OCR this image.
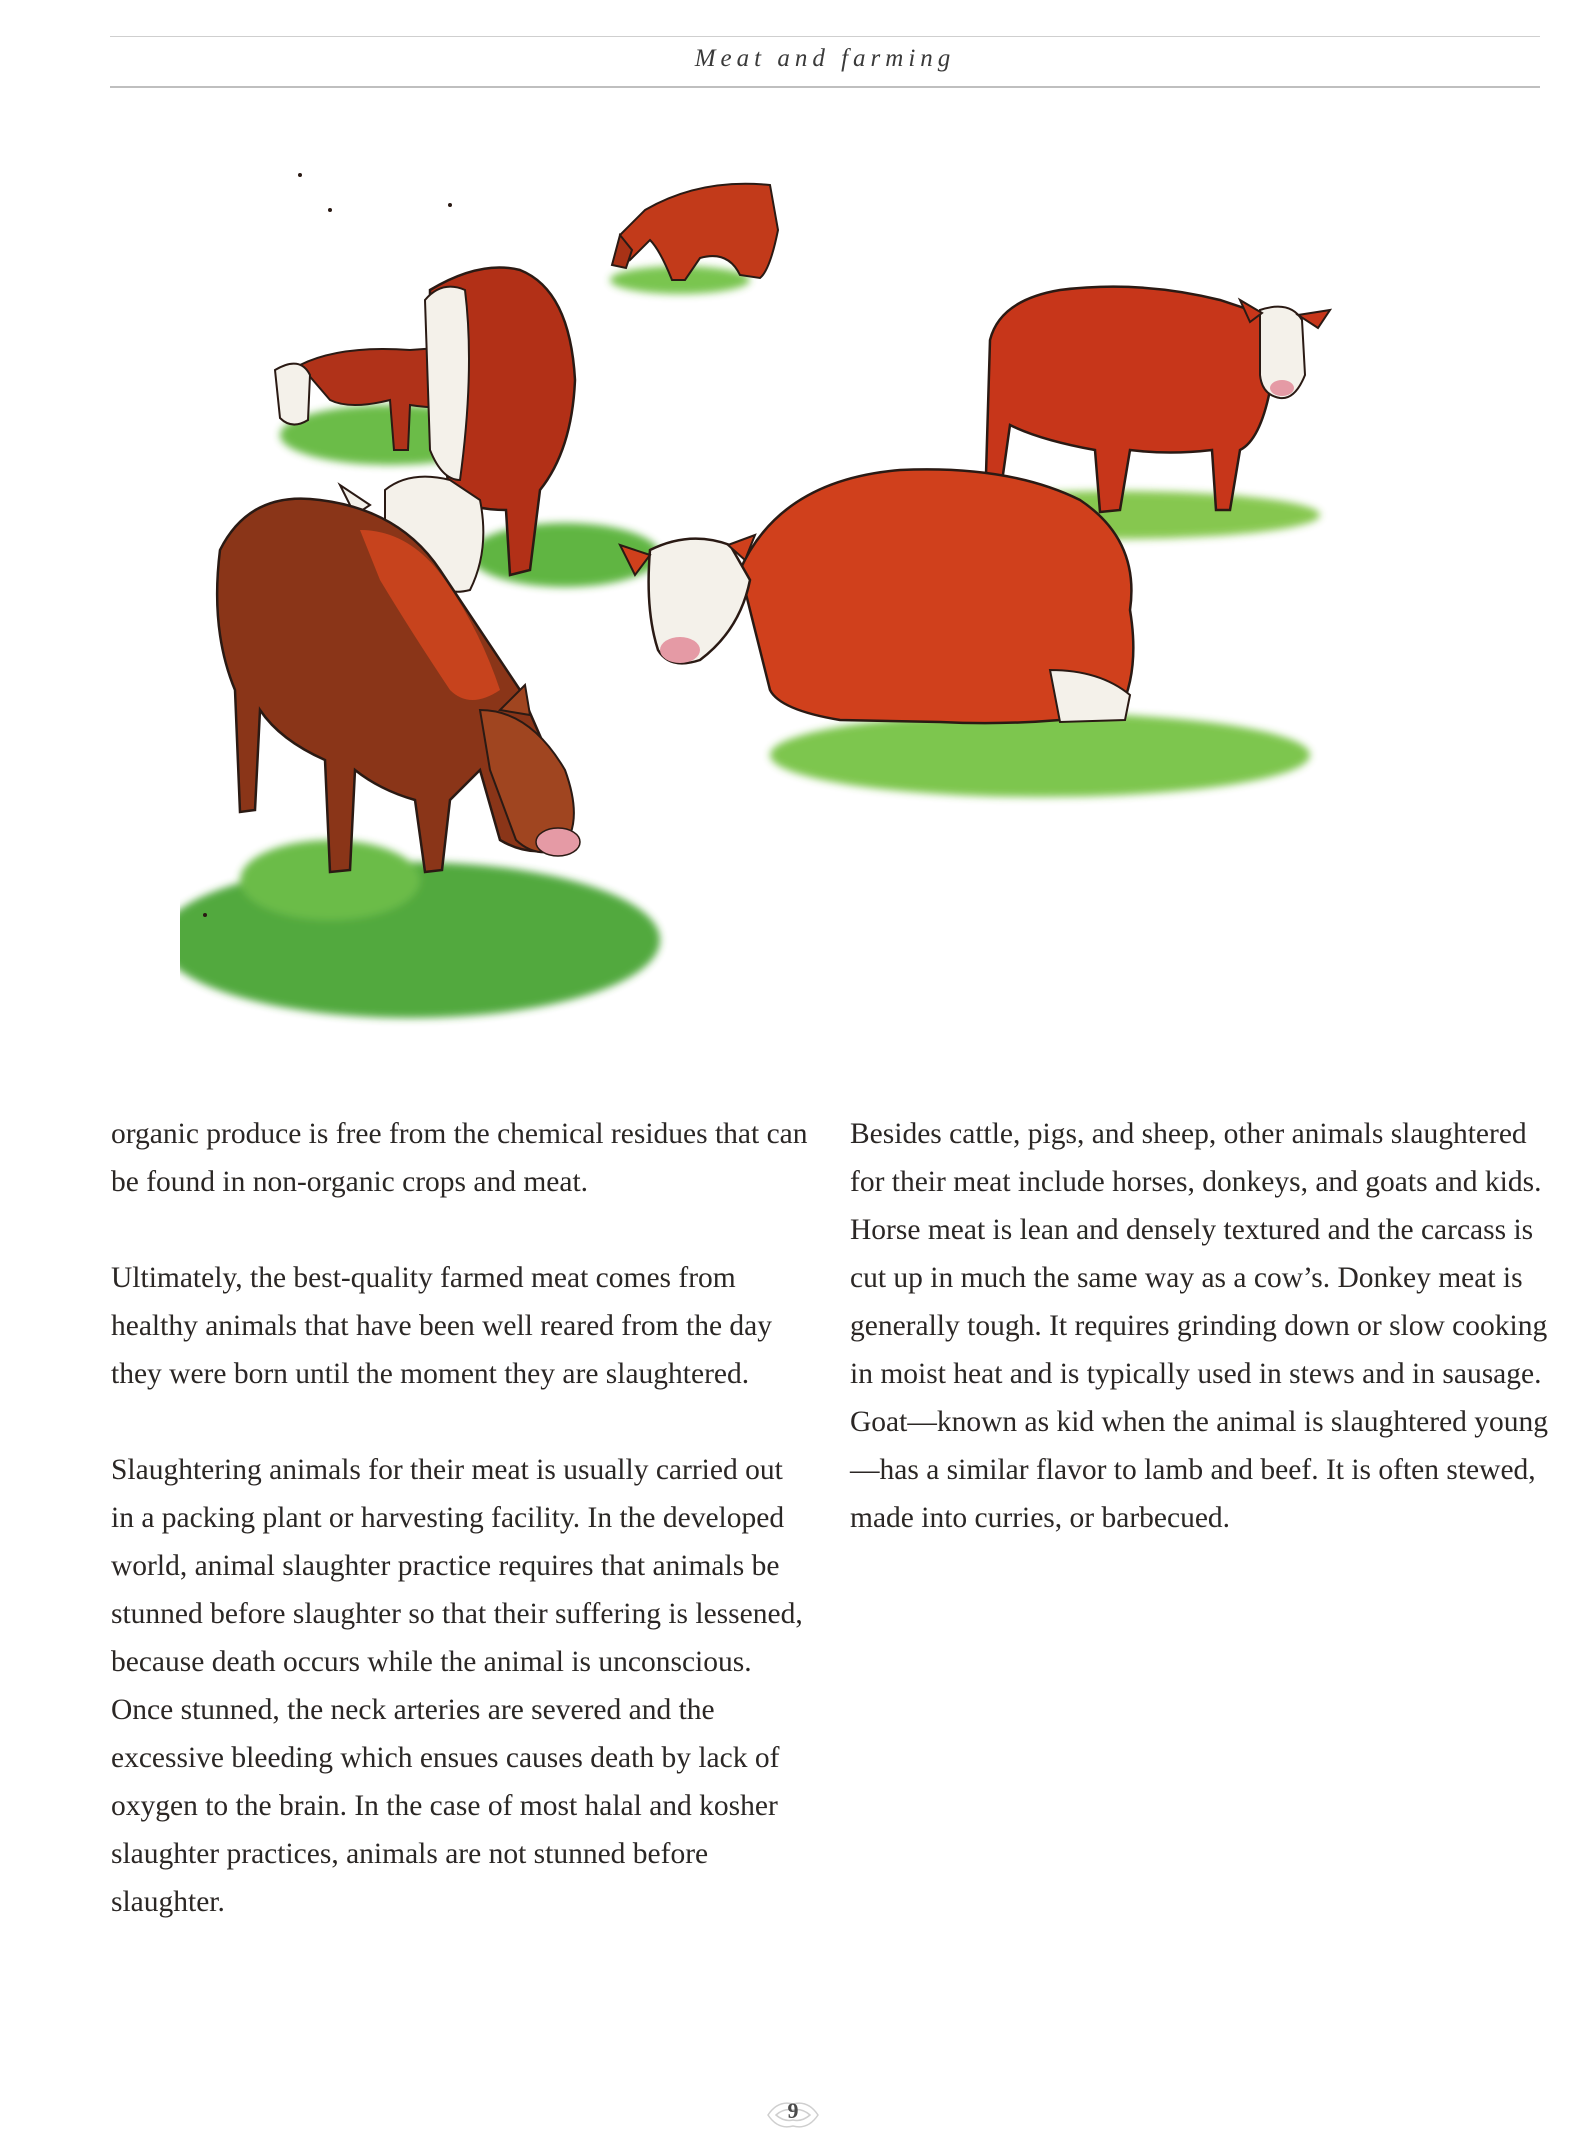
Meat and farming

organic produce is free from the chemical residues that can be found in non-organic crops and meat.

Ultimately, the best-quality farmed meat comes from healthy animals that have been well reared from the day they were born until the moment they are slaughtered.

Slaughtering animals for their meat is usually carried out in a packing plant or harvesting facility. In the developed world, animal slaughter practice requires that animals be stunned before slaughter so that their suffering is lessened, because death occurs while the animal is unconscious. Once stunned, the neck arteries are severed and the excessive bleeding which ensues causes death by lack of oxygen to the brain. In the case of most halal and kosher slaughter practices, animals are not stunned before slaughter.

Besides cattle, pigs, and sheep, other animals slaughtered for their meat include horses, donkeys, and goats and kids. Horse meat is lean and densely textured and the carcass is cut up in much the same way as a cow’s. Donkey meat is generally tough. It requires grinding down or slow cooking in moist heat and is typically used in stews and in sausage. Goat—known as kid when the animal is slaughtered young—has a similar flavor to lamb and beef. It is often stewed, made into curries, or barbecued.

9
